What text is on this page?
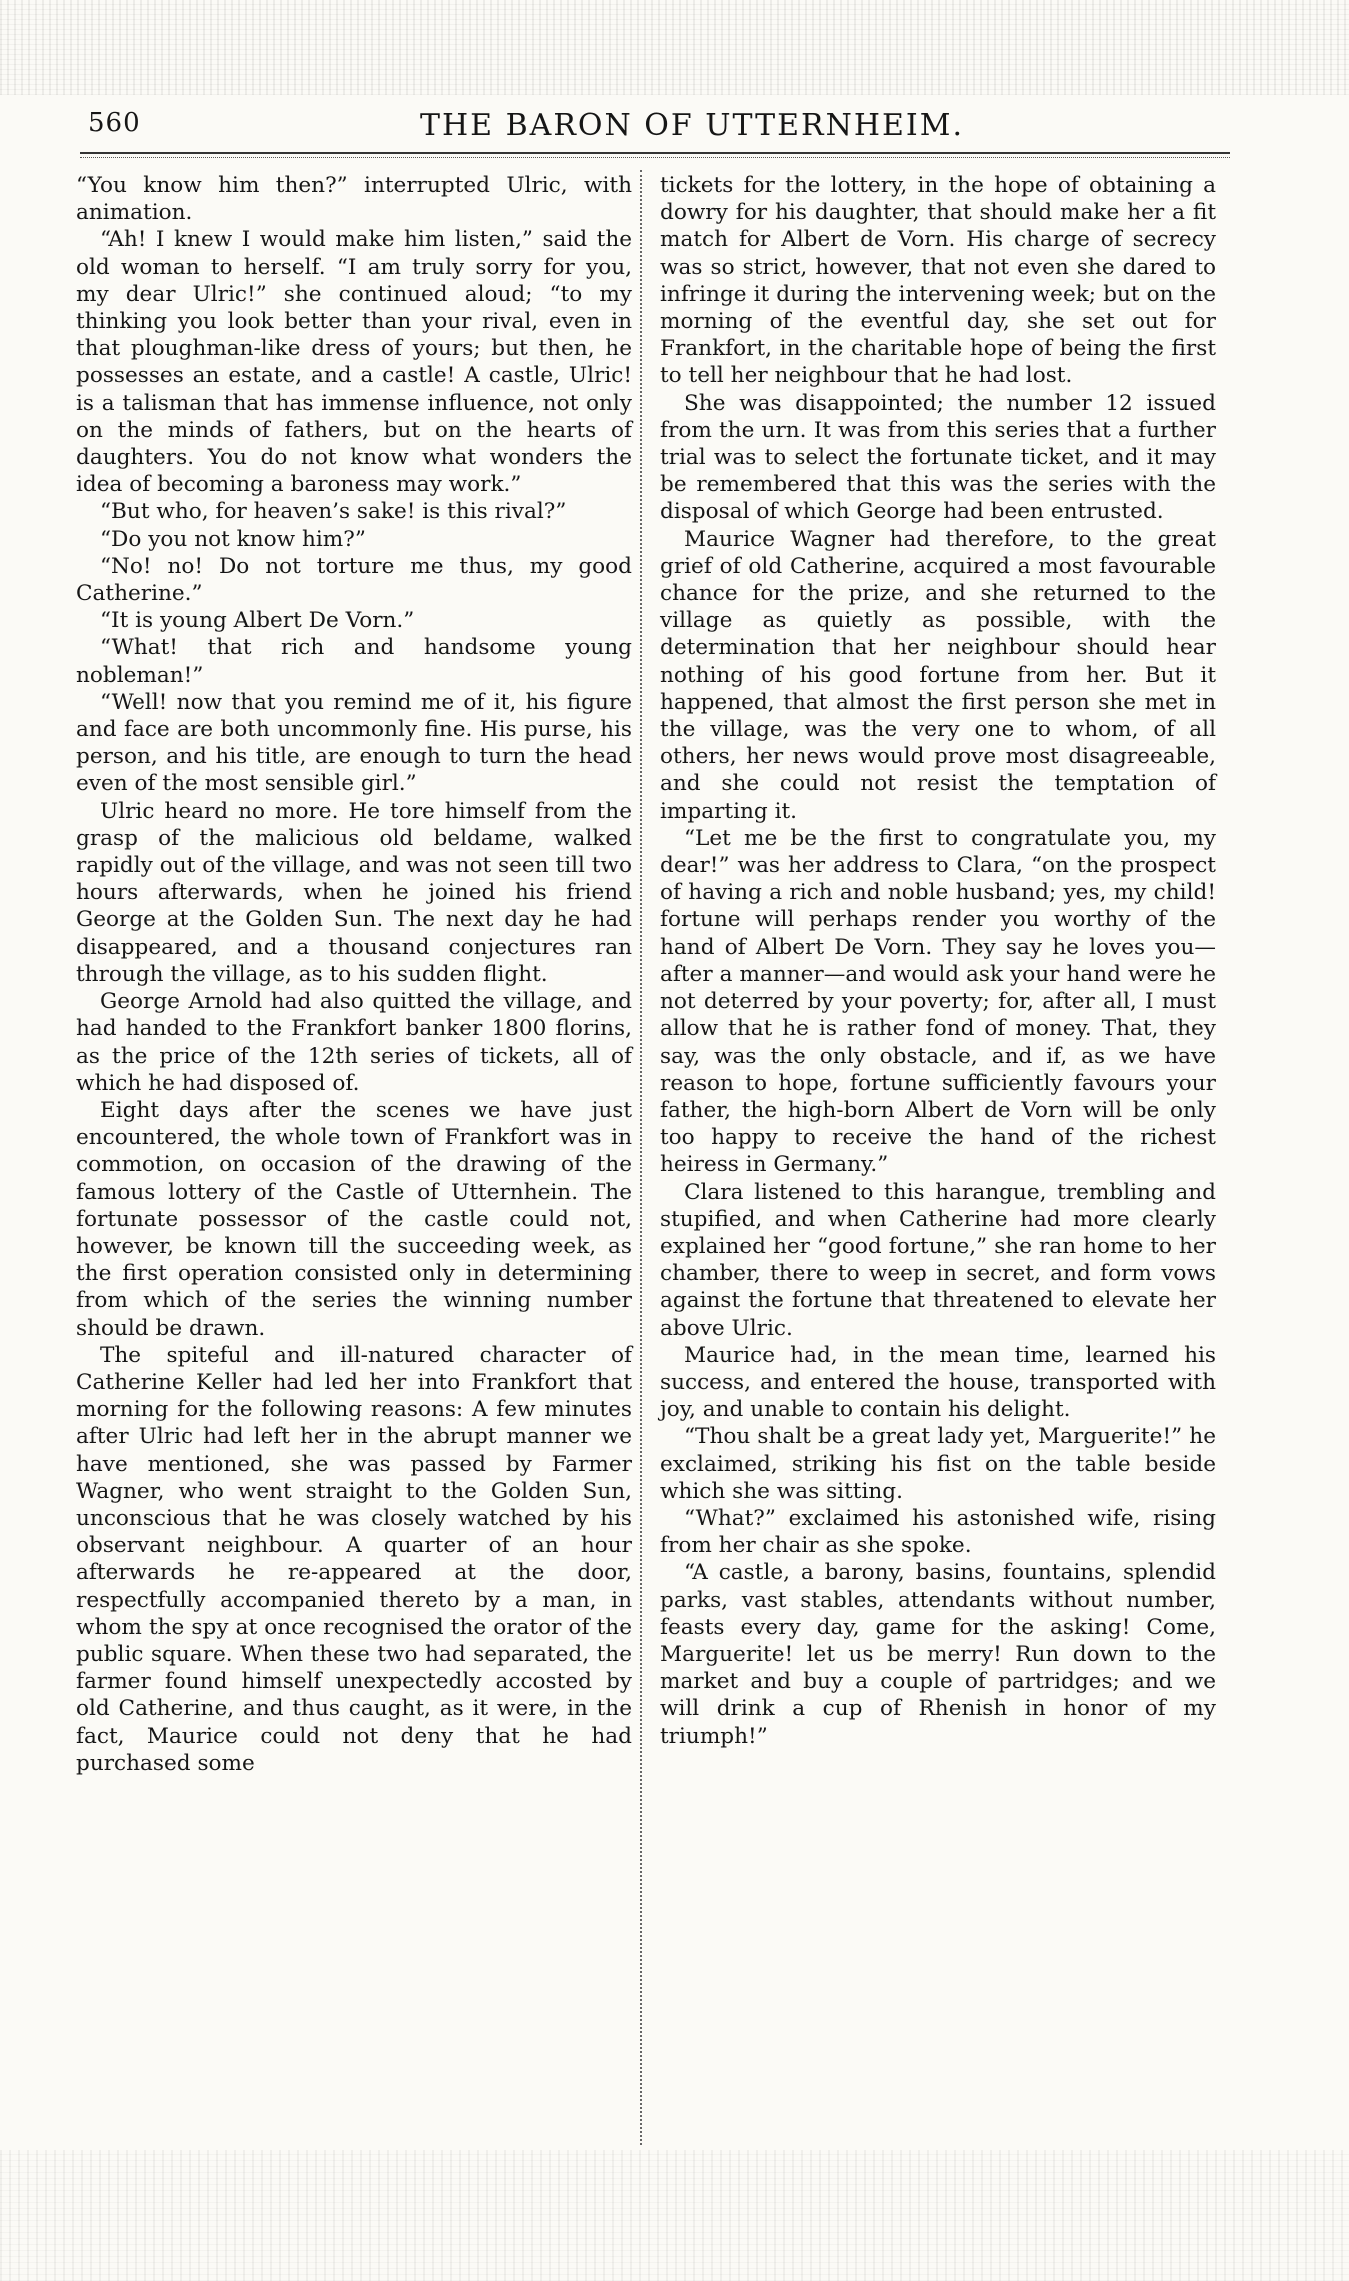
560	THE BARON OF UTTERNHEIM.

“You know him then?” interrupted Ulric, with animation.

“Ah! I knew I would make him listen,” said the old woman to herself. “I am truly sorry for you, my dear Ulric!” she continued aloud; “to my thinking you look better than your rival, even in that ploughman-like dress of yours; but then, he possesses an estate, and a castle! A castle, Ulric! is a talisman that has immense influence, not only on the minds of fathers, but on the hearts of daughters. You do not know what wonders the idea of becoming a baroness may work.”

“But who, for heaven’s sake! is this rival?”

“Do you not know him?”

“No! no! Do not torture me thus, my good Catherine.”

“It is young Albert De Vorn.”

“What! that rich and handsome young nobleman!”

“Well! now that you remind me of it, his figure and face are both uncommonly fine. His purse, his person, and his title, are enough to turn the head even of the most sensible girl.”

Ulric heard no more. He tore himself from the grasp of the malicious old beldame, walked rapidly out of the village, and was not seen till two hours afterwards, when he joined his friend George at the Golden Sun. The next day he had disappeared, and a thousand conjectures ran through the village, as to his sudden flight.

George Arnold had also quitted the village, and had handed to the Frankfort banker 1800 florins, as the price of the 12th series of tickets, all of which he had disposed of.

Eight days after the scenes we have just encountered, the whole town of Frankfort was in commotion, on occasion of the drawing of the famous lottery of the Castle of Utternhein. The fortunate possessor of the castle could not, however, be known till the succeeding week, as the first operation consisted only in determining from which of the series the winning number should be drawn.

The spiteful and ill-natured character of Catherine Keller had led her into Frankfort that morning for the following reasons: A few minutes after Ulric had left her in the abrupt manner we have mentioned, she was passed by Farmer Wagner, who went straight to the Golden Sun, unconscious that he was closely watched by his observant neighbour. A quarter of an hour afterwards he re-appeared at the door, respectfully accompanied thereto by a man, in whom the spy at once recognised the orator of the public square. When these two had separated, the farmer found himself unexpectedly accosted by old Catherine, and thus caught, as it were, in the fact, Maurice could not deny that he had purchased some

tickets for the lottery, in the hope of obtaining a dowry for his daughter, that should make her a fit match for Albert de Vorn. His charge of secrecy was so strict, however, that not even she dared to infringe it during the intervening week; but on the morning of the eventful day, she set out for Frankfort, in the charitable hope of being the first to tell her neighbour that he had lost.

She was disappointed; the number 12 issued from the urn. It was from this series that a further trial was to select the fortunate ticket, and it may be remembered that this was the series with the disposal of which George had been entrusted.

Maurice Wagner had therefore, to the great grief of old Catherine, acquired a most favourable chance for the prize, and she returned to the village as quietly as possible, with the determination that her neighbour should hear nothing of his good fortune from her. But it happened, that almost the first person she met in the village, was the very one to whom, of all others, her news would prove most disagreeable, and she could not resist the temptation of imparting it.

“Let me be the first to congratulate you, my dear!” was her address to Clara, “on the prospect of having a rich and noble husband; yes, my child! fortune will perhaps render you worthy of the hand of Albert De Vorn. They say he loves you—after a manner—and would ask your hand were he not deterred by your poverty; for, after all, I must allow that he is rather fond of money. That, they say, was the only obstacle, and if, as we have reason to hope, fortune sufficiently favours your father, the high-born Albert de Vorn will be only too happy to receive the hand of the richest heiress in Germany.”

Clara listened to this harangue, trembling and stupified, and when Catherine had more clearly explained her “good fortune,” she ran home to her chamber, there to weep in secret, and form vows against the fortune that threatened to elevate her above Ulric.

Maurice had, in the mean time, learned his success, and entered the house, transported with joy, and unable to contain his delight.

“Thou shalt be a great lady yet, Marguerite!” he exclaimed, striking his fist on the table beside which she was sitting.

“What?” exclaimed his astonished wife, rising from her chair as she spoke.

“A castle, a barony, basins, fountains, splendid parks, vast stables, attendants without number, feasts every day, game for the asking! Come, Marguerite! let us be merry! Run down to the market and buy a couple of partridges; and we will drink a cup of Rhenish in honor of my triumph!”
